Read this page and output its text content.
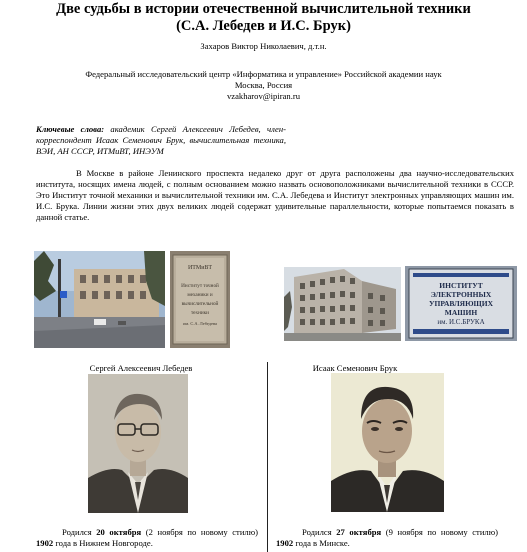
Две судьбы в истории отечественной вычислительной техники
(С.А. Лебедев и И.С. Брук)
Захаров Виктор Николаевич, д.т.н.
Федеральный исследовательский центр «Информатика и управление» Российской академии наук
Москва, Россия
vzakharov@ipiran.ru
Ключевые слова: академик Сергей Алексеевич Лебедев, член-корреспондент Исаак Семенович Брук, вычислительная техника, ВЭИ, АН СССР, ИТМиВТ, ИНЭУМ
В Москве в районе Ленинского проспекта недалеко друг от друга расположены два научно-исследовательских института, носящих имена людей, с полным основанием можно назвать основоположниками вычислительной техники в СССР. Это Институт точной механики и вычислительной техники им. С.А. Лебедева и Институт электронных управляющих машин им. И.С. Брука. Линии жизни этих двух великих людей содержат удивительные параллельности, которые попытаемся показать в данной статье.
ИТМиВТ
Институт точной
механики и
вычислительной
техники
им. С.А. Лебедева
ИНСТИТУТ
ЭЛЕКТРОННЫХ
УПРАВЛЯЮЩИХ
МАШИН
им. И.С.БРУКА
Сергей Алексеевич Лебедев
Родился 20 октября (2 ноября по новому стилю) 1902 года в Нижнем Новгороде.
Исаак Семенович Брук
Родился 27 октября (9 ноября по новому стилю) 1902 года в Минске.
